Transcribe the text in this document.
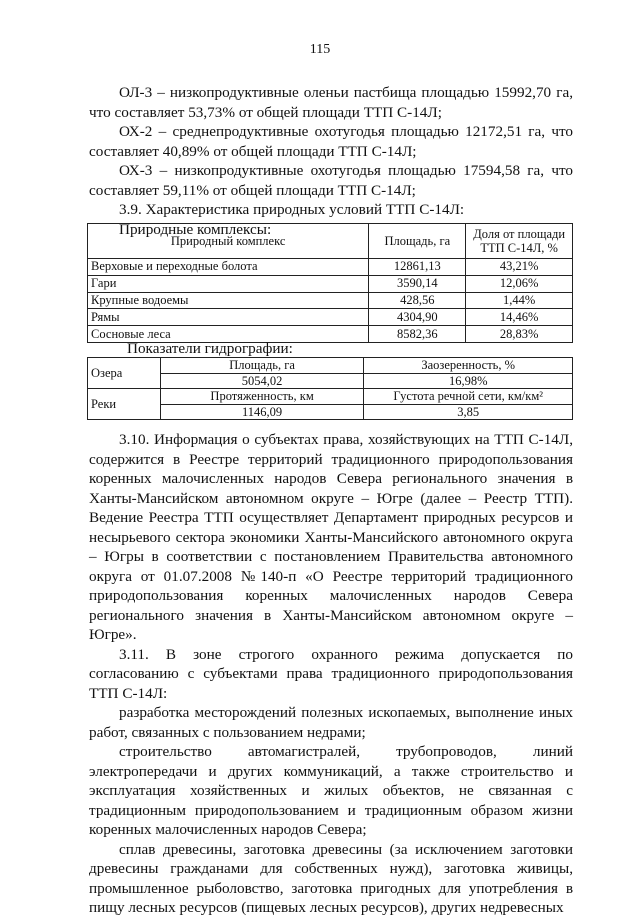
115

ОЛ-3 – низкопродуктивные оленьи пастбища площадью 15992,70 га, что составляет 53,73% от общей площади ТТП С-14Л;

ОХ-2 – среднепродуктивные охотугодья площадью 12172,51 га, что составляет 40,89% от общей площади ТТП С-14Л;

ОХ-3 – низкопродуктивные охотугодья площадью 17594,58 га, что составляет 59,11% от общей площади ТТП С-14Л;

3.9. Характеристика природных условий ТТП С-14Л:

Природные комплексы:

Природный комплекс	Площадь, га	Доля от площади ТТП С-14Л, %
Верховые и переходные болота	12861,13	43,21%
Гари	3590,14	12,06%
Крупные водоемы	428,56	1,44%
Рямы	4304,90	14,46%
Сосновые леса	8582,36	28,83%
Показатели гидрографии:
Озера	Площадь, га	Заозеренность, %
	5054,02	16,98%
Реки	Протяженность, км	Густота речной сети, км/км²
	1146,09	3,85

3.10. Информация о субъектах права, хозяйствующих на ТТП С-14Л, содержится в Реестре территорий традиционного природопользования коренных малочисленных народов Севера регионального значения в Ханты-Мансийском автономном округе – Югре (далее – Реестр ТТП). Ведение Реестра ТТП осуществляет Департамент природных ресурсов и несырьевого сектора экономики Ханты-Мансийского автономного округа – Югры в соответствии с постановлением Правительства автономного округа от 01.07.2008 №140-п «О Реестре территорий традиционного природопользования коренных малочисленных народов Севера регионального значения в Ханты-Мансийском автономном округе – Югре».

3.11. В зоне строгого охранного режима допускается по согласованию с субъектами права традиционного природопользования ТТП С-14Л:

разработка месторождений полезных ископаемых, выполнение иных работ, связанных с пользованием недрами;

строительство автомагистралей, трубопроводов, линий электропередачи и других коммуникаций, а также строительство и эксплуатация хозяйственных и жилых объектов, не связанная с традиционным природопользованием и традиционным образом жизни коренных малочисленных народов Севера;

сплав древесины, заготовка древесины (за исключением заготовки древесины гражданами для собственных нужд), заготовка живицы, промышленное рыболовство, заготовка пригодных для употребления в пищу лесных ресурсов (пищевых лесных ресурсов), других недревесных
